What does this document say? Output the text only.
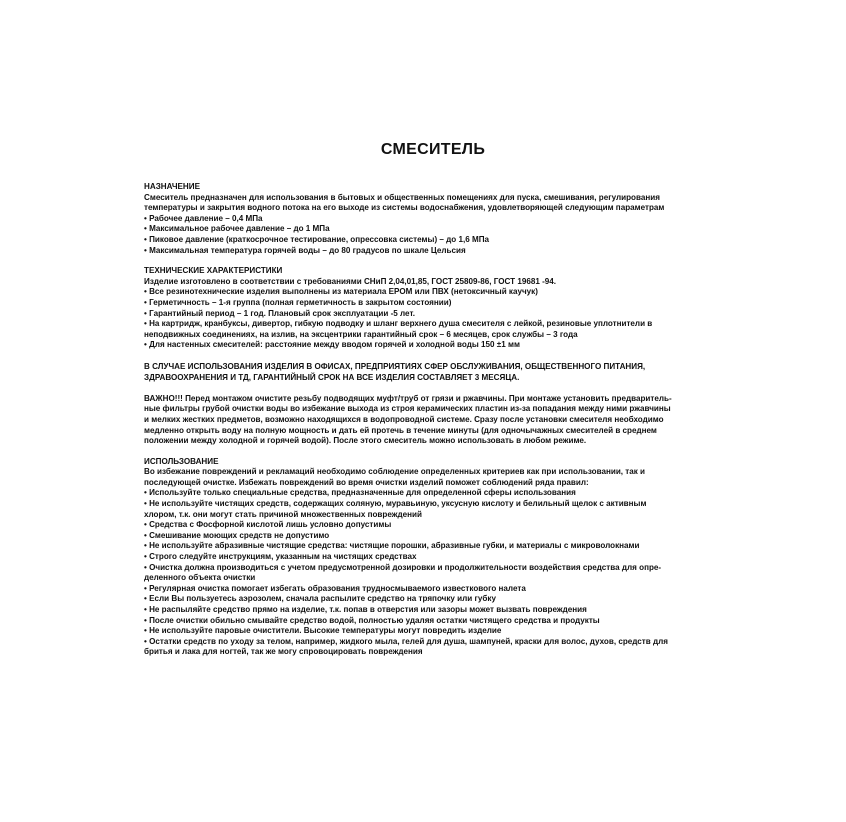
СМЕСИТЕЛЬ
НАЗНАЧЕНИЕ
Смеситель предназначен для использования в бытовых и общественных помещениях для пуска, смешивания, регулирования
температуры и закрытия водного потока на его выходе из системы водоснабжения, удовлетворяющей следующим параметрам
• Рабочее давление – 0,4 МПа
• Максимальное рабочее давление – до 1 МПа
• Пиковое давление (краткосрочное тестирование, опрессовка системы) – до 1,6 МПа
• Максимальная температура горячей воды – до 80 градусов по шкале Цельсия
ТЕХНИЧЕСКИЕ ХАРАКТЕРИСТИКИ
Изделие изготовлено в соответствии с требованиями СНиП 2,04,01,85, ГОСТ 25809-86, ГОСТ 19681 -94.
• Все резинотехнические изделия выполнены из материала EPOM или ПВХ (нетоксичный каучук)
• Герметичность – 1-я группа (полная герметичность в закрытом состоянии)
• Гарантийный период – 1 год. Плановый срок эксплуатации -5 лет.
• На картридж, кранбуксы, дивертор, гибкую подводку и шланг верхнего душа смесителя с лейкой, резиновые уплотнители в
неподвижных соединениях, на излив, на эксцентрики гарантийный срок – 6 месяцев, срок службы – 3 года
• Для настенных смесителей: расстояние между вводом горячей и холодной воды 150 ±1 мм
В СЛУЧАЕ ИСПОЛЬЗОВАНИЯ ИЗДЕЛИЯ В ОФИСАХ, ПРЕДПРИЯТИЯХ СФЕР ОБСЛУЖИВАНИЯ, ОБЩЕСТВЕННОГО ПИТАНИЯ,
ЗДРАВООХРАНЕНИЯ И ТД, ГАРАНТИЙНЫЙ СРОК НА ВСЕ ИЗДЕЛИЯ СОСТАВЛЯЕТ 3 МЕСЯЦА.
ВАЖНО!!! Перед монтажом очистите резьбу подводящих муфт/труб от грязи и ржавчины. При монтаже установить предваритель-
ные фильтры грубой очистки воды во избежание выхода из строя керамических пластин из-за попадания между ними ржавчины
и мелких жестких предметов, возможно находящихся в водопроводной системе. Сразу после установки смесителя необходимо
медленно открыть воду на полную мощность и дать ей протечь в течение минуты (для одночычажных смесителей в среднем
положении между холодной и горячей водой). После этого смеситель можно использовать в любом режиме.
ИСПОЛЬЗОВАНИЕ
Во избежание повреждений и рекламаций необходимо соблюдение определенных критериев как при использовании, так и
последующей очистке. Избежать повреждений во время очистки изделий поможет соблюдений ряда правил:
• Используйте только специальные средства, предназначенные для определенной сферы использования
• Не используйте чистящих средств, содержащих соляную, муравьиную, уксусную кислоту и белильный щелок с активным
хлором, т.к. они могут стать причиной множественных повреждений
• Средства с Фосфорной кислотой лишь условно допустимы
• Смешивание моющих средств не допустимо
• Не используйте абразивные чистящие средства: чистящие порошки, абразивные губки, и материалы с микроволокнами
• Строго следуйте инструкциям, указанным на чистящих средствах
• Очистка должна производиться с учетом предусмотренной дозировки и продолжительности воздействия средства для опре-
деленного объекта очистки
• Регулярная очистка помогает избегать образования трудносмываемого известкового налета
• Если Вы пользуетесь аэрозолем, сначала распылите средство на тряпочку или губку
• Не распыляйте средство прямо на изделие, т.к. попав в отверстия или зазоры может вызвать повреждения
• После очистки обильно смывайте средство водой, полностью удаляя остатки чистящего средства и продукты
• Не используйте паровые очистители. Высокие температуры могут повредить изделие
• Остатки средств по уходу за телом, например, жидкого мыла, гелей для душа, шампуней, краски для волос, духов, средств для
бритья и лака для ногтей, так же могу спровоцировать повреждения
